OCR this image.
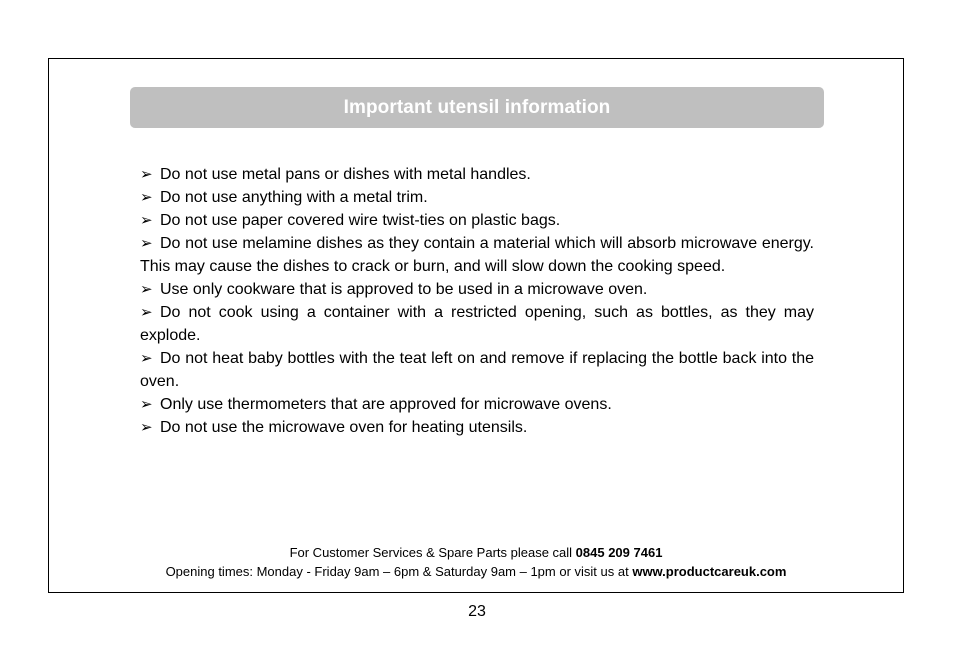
Important utensil information

➢ Do not use metal pans or dishes with metal handles.

➢ Do not use anything with a metal trim.

➢ Do not use paper covered wire twist-ties on plastic bags.

➢ Do not use melamine dishes as they contain a material which will absorb microwave energy. This may cause the dishes to crack or burn, and will slow down the cooking speed.

➢ Use only cookware that is approved to be used in a microwave oven.

➢ Do not cook using a container with a restricted opening, such as bottles, as they may explode.

➢ Do not heat baby bottles with the teat left on and remove if replacing the bottle back into the oven.

➢ Only use thermometers that are approved for microwave ovens.

➢ Do not use the microwave oven for heating utensils.

For Customer Services & Spare Parts please call 0845 209 7461
Opening times: Monday - Friday 9am – 6pm & Saturday 9am – 1pm or visit us at www.productcareuk.com
23
